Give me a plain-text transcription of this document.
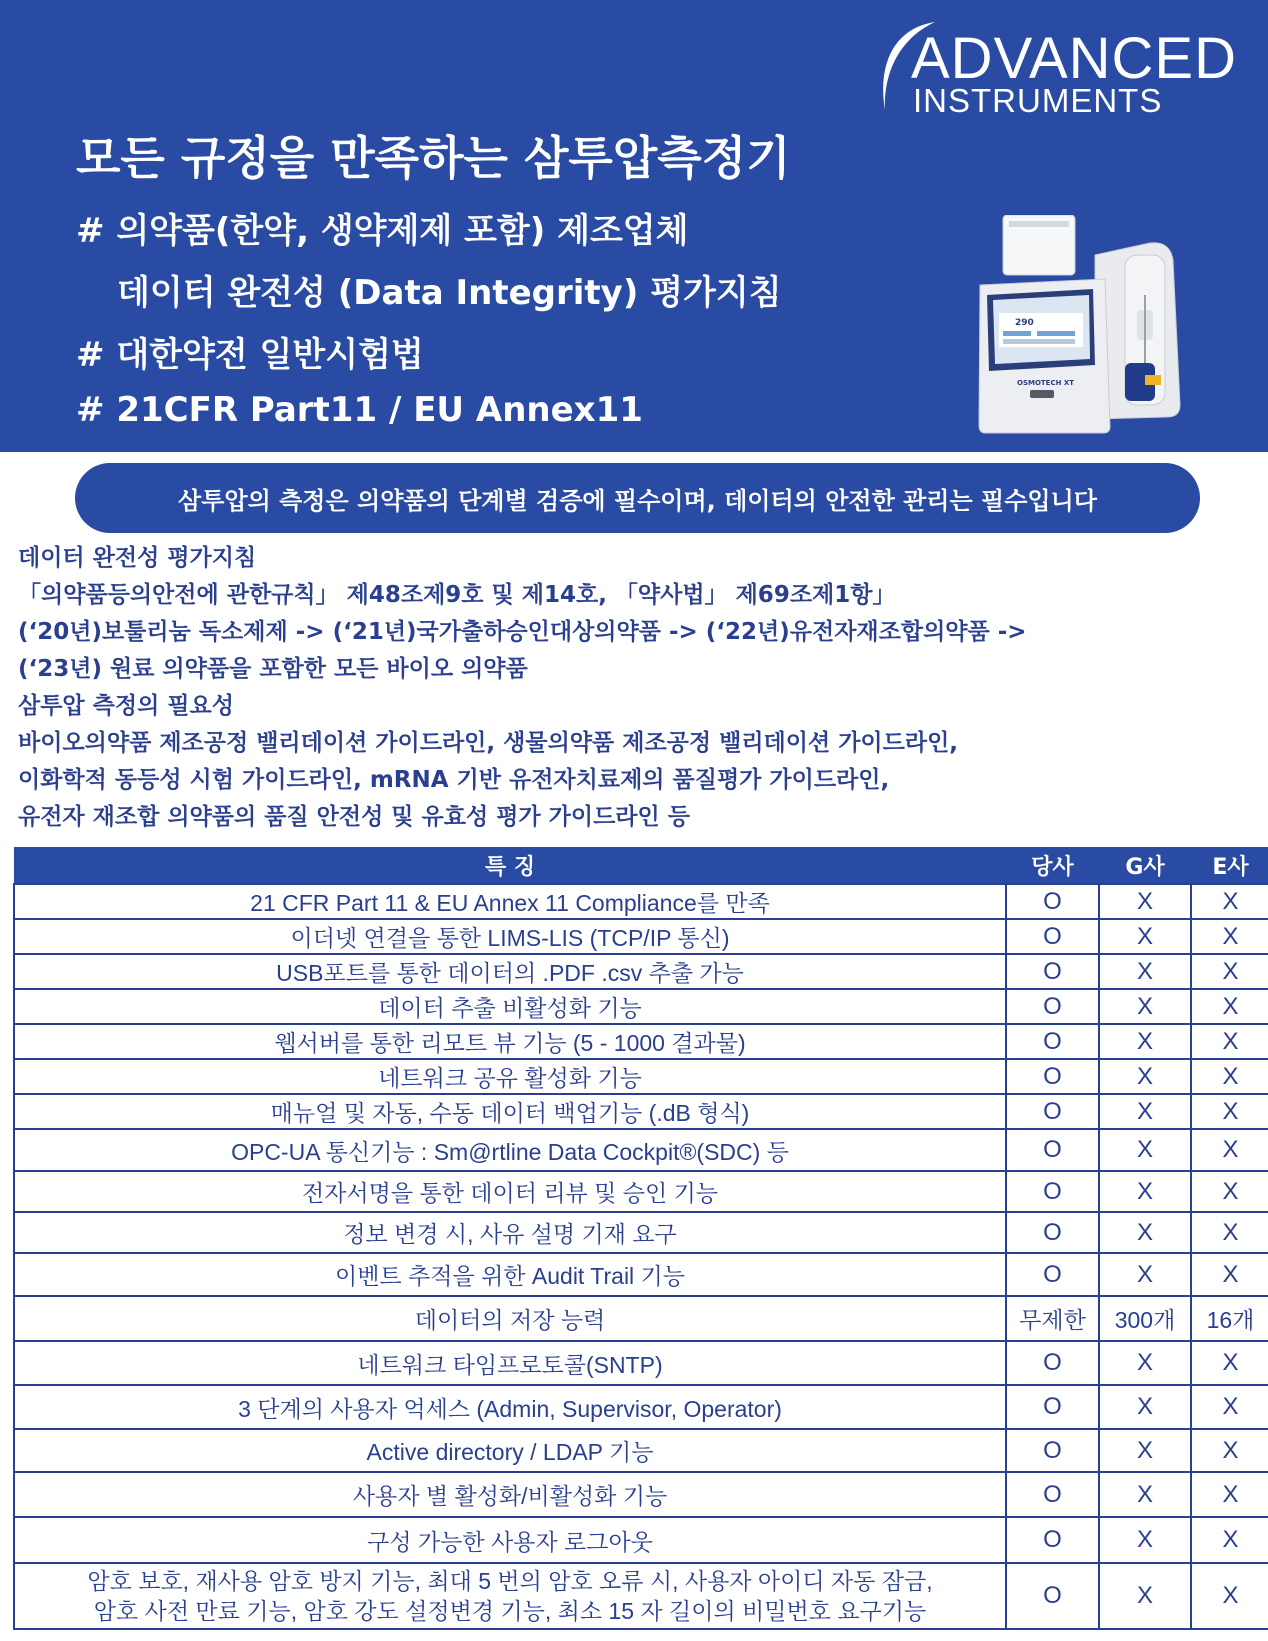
ADVANCED
INSTRUMENTS
모든 규정을 만족하는 삼투압측정기
# 의약품(한약, 생약제제 포함) 제조업체
데이터 완전성 (Data Integrity) 평가지침
# 대한약전 일반시험법
# 21CFR Part11 / EU Annex11
290
OSMOTECH XT
삼투압의 측정은 의약품의 단계별 검증에 필수이며, 데이터의 안전한 관리는 필수입니다
데이터 완전성 평가지침
「의약품등의안전에 관한규칙」 제48조제9호 및 제14호, 「약사법」 제69조제1항」
(‘20년)보툴리눔 독소제제 -> (‘21년)국가출하승인대상의약품 -> (‘22년)유전자재조합의약품 ->
(‘23년) 원료 의약품을 포함한 모든 바이오 의약품
삼투압 측정의 필요성
바이오의약품 제조공정 밸리데이션 가이드라인, 생물의약품 제조공정 밸리데이션 가이드라인,
이화학적 동등성 시험 가이드라인, mRNA 기반 유전자치료제의 품질평가 가이드라인,
유전자 재조합 의약품의 품질 안전성 및 유효성 평가 가이드라인 등
특 징	당사	G사	E사
21 CFR Part 11 & EU Annex 11 Compliance를 만족	O	X	X
이더넷 연결을 통한 LIMS-LIS (TCP/IP 통신)	O	X	X
USB포트를 통한 데이터의 .PDF .csv 추출 가능	O	X	X
데이터 추출 비활성화 기능	O	X	X
웹서버를 통한 리모트 뷰 기능 (5 - 1000 결과물)	O	X	X
네트워크 공유 활성화 기능	O	X	X
매뉴얼 및 자동, 수동 데이터 백업기능 (.dB 형식)	O	X	X
OPC-UA 통신기능 : Sm@rtline Data Cockpit®(SDC) 등	O	X	X
전자서명을 통한 데이터 리뷰 및 승인 기능	O	X	X
정보 변경 시, 사유 설명 기재 요구	O	X	X
이벤트 추적을 위한 Audit Trail 기능	O	X	X
데이터의 저장 능력	무제한	300개	16개
네트워크 타임프로토콜(SNTP)	O	X	X
3 단계의 사용자 억세스 (Admin, Supervisor, Operator)	O	X	X
Active directory / LDAP 기능	O	X	X
사용자 별 활성화/비활성화 기능	O	X	X
구성 가능한 사용자 로그아웃	O	X	X

암호 보호, 재사용 암호 방지 기능, 최대 5 번의 암호 오류 시, 사용자 아이디 자동 잠금,
암호 사전 만료 기능, 암호 강도 설정변경 기능, 최소 15 자 길이의 비밀번호 요구기능	O	X	X
